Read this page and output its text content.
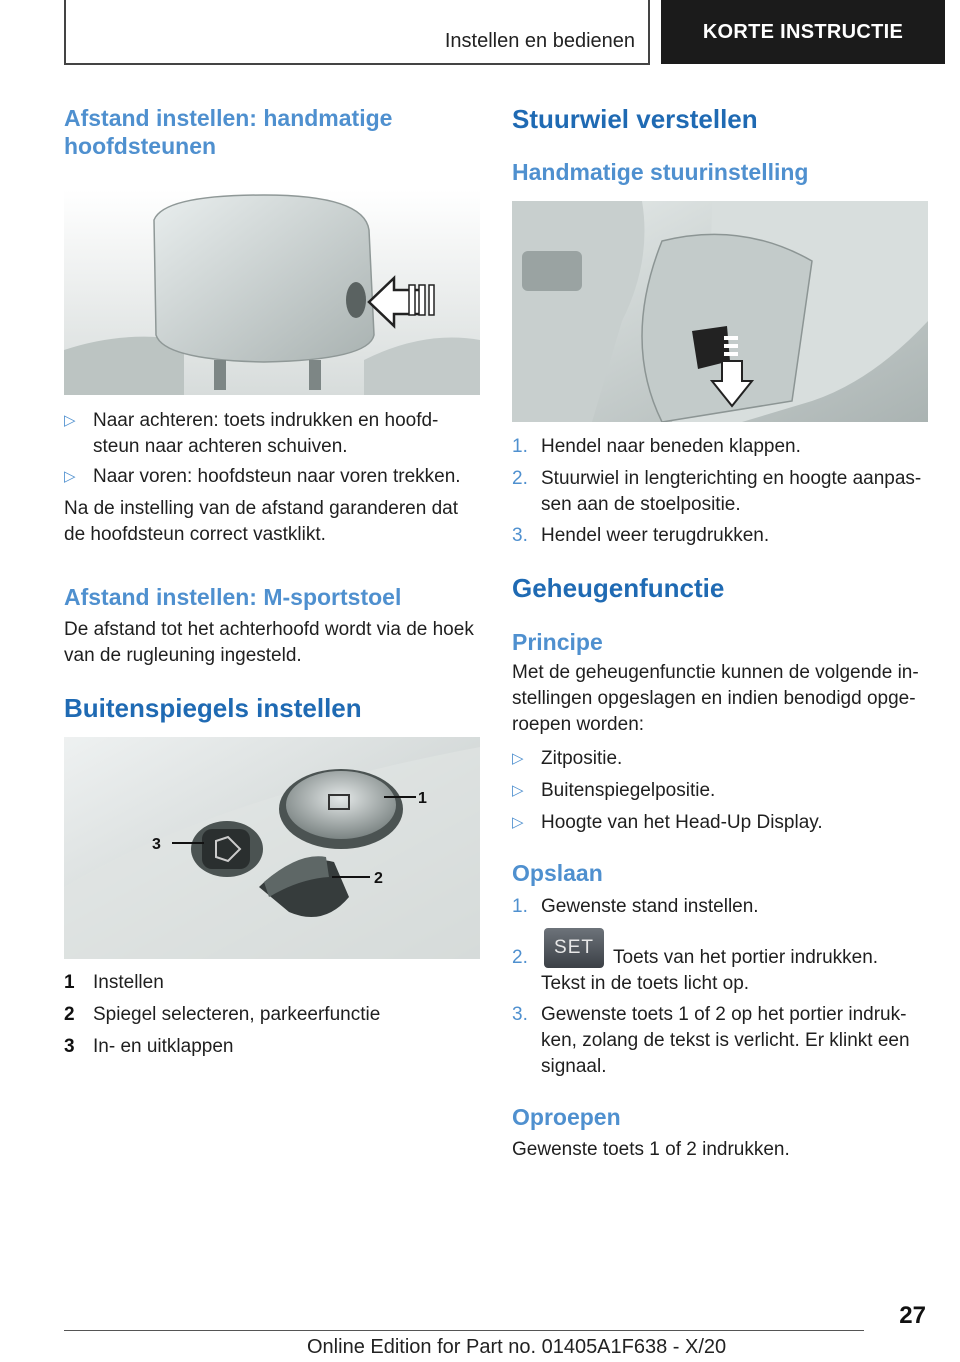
Instellen en bedienen	KORTE INSTRUCTIE
Afstand instellen: handmatige hoofdsteunen
▷ Naar achteren: toets indrukken en hoofd-
steun naar achteren schuiven.
▷ Naar voren: hoofdsteun naar voren trekken.

Na de instelling van de afstand garanderen dat

de hoofdsteun correct vastklikt.

Afstand instellen: M-sportstoel

De afstand tot het achterhoofd wordt via de hoek

van de rugleuning ingesteld.

Buitenspiegels instellen
1
2
3
1 Instellen
2 Spiegel selecteren, parkeerfunctie
3 In- en uitklappen
Stuurwiel verstellen
Handmatige stuurinstelling
1. Hendel naar beneden klappen.
2. Stuurwiel in lengterichting en hoogte aanpas-
sen aan de stoelpositie.
3. Hendel weer terugdrukken.
Geheugenfunctie
Principe

Met de geheugenfunctie kunnen de volgende in-

stellingen opgeslagen en indien benodigd opge-

roepen worden:

▷ Zitpositie.
▷ Buitenspiegelpositie.
▷ Hoogte van het Head-Up Display.
Opslaan
1. Gewenste stand instellen.
2.	Toets van het portier indrukken.
Tekst in de toets licht op.
SET
3. Gewenste toets 1 of 2 op het portier indruk-
ken, zolang de tekst is verlicht. Er klinkt een
signaal.
Oproepen

Gewenste toets 1 of 2 indrukken.

27
Online Edition for Part no. 01405A1F638 - X/20
